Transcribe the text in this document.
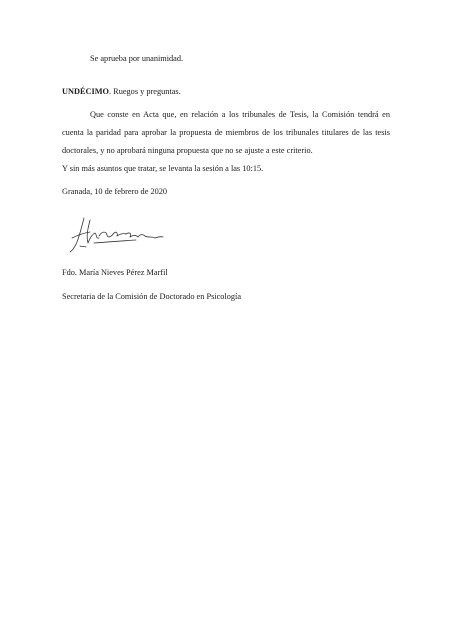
Se aprueba por unanimidad.

UNDÉCIMO. Ruegos y preguntas.

Que conste en Acta que, en relación a los tribunales de Tesis, la Comisión tendrá en cuenta la paridad para aprobar la propuesta de miembros de los tribunales titulares de las tesis doctorales, y no aprobará ninguna propuesta que no se ajuste a este criterio.

Y sin más asuntos que tratar, se levanta la sesión a las 10:15.

Granada, 10 de febrero de 2020

Fdo. María Nieves Pérez Marfil

Secretaria de la Comisión de Doctorado en Psicología
